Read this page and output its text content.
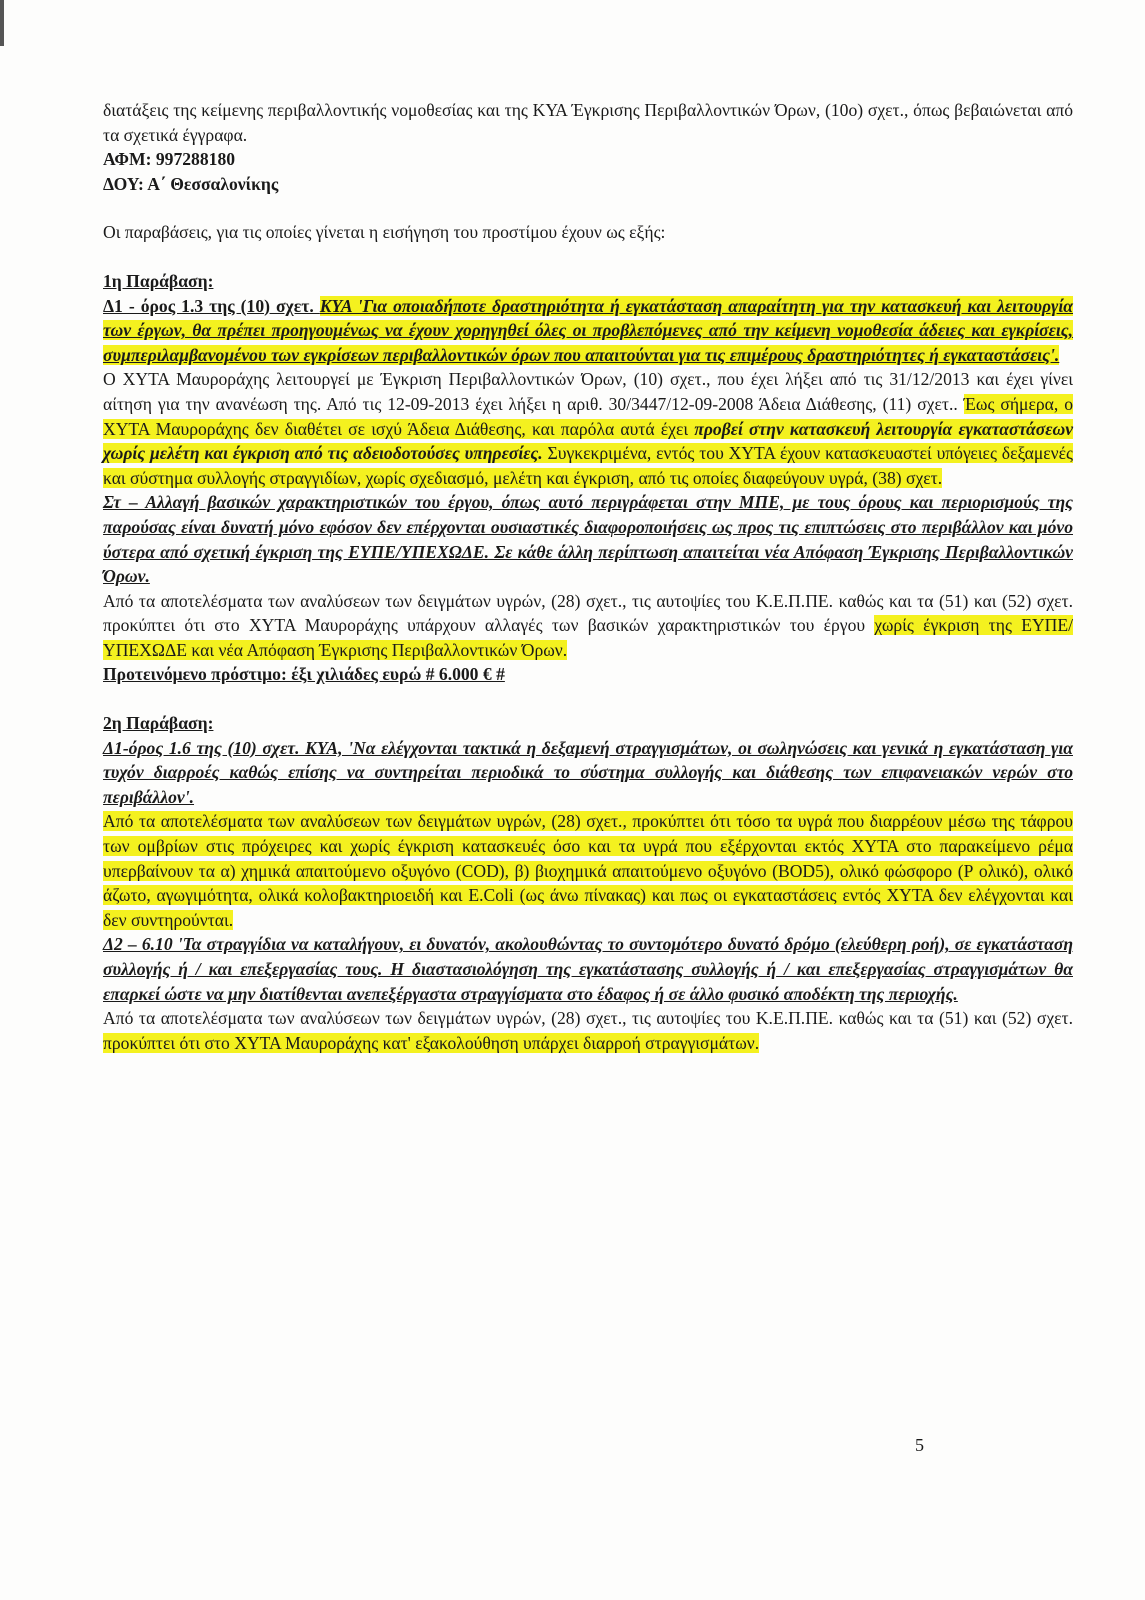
διατάξεις της κείμενης περιβαλλοντικής νομοθεσίας και της ΚΥΑ Έγκρισης Περιβαλλοντικών Όρων, (10ο) σχετ., όπως βεβαιώνεται από τα σχετικά έγγραφα.

ΑΦΜ: 997288180

ΔΟΥ: Α΄ Θεσσαλονίκης

Οι παραβάσεις, για τις οποίες γίνεται η εισήγηση του προστίμου έχουν ως εξής:

1η Παράβαση:

Δ1 - όρος 1.3 της (10) σχετ. ΚΥΑ 'Για οποιαδήποτε δραστηριότητα ή εγκατάσταση απαραίτητη για την κατασκευή και λειτουργία των έργων, θα πρέπει προηγουμένως να έχουν χορηγηθεί όλες οι προβλεπόμενες από την κείμενη νομοθεσία άδειες και εγκρίσεις, συμπεριλαμβανομένου των εγκρίσεων περιβαλλοντικών όρων που απαιτούνται για τις επιμέρους δραστηριότητες ή εγκαταστάσεις'.

Ο ΧΥΤΑ Μαυροράχης λειτουργεί με Έγκριση Περιβαλλοντικών Όρων, (10) σχετ., που έχει λήξει από τις 31/12/2013 και έχει γίνει αίτηση για την ανανέωση της. Από τις 12-09-2013 έχει λήξει η αριθ. 30/3447/12-09-2008 Άδεια Διάθεσης, (11) σχετ.. Έως σήμερα, ο ΧΥΤΑ Μαυροράχης δεν διαθέτει σε ισχύ Άδεια Διάθεσης, και παρόλα αυτά έχει προβεί στην κατασκευή λειτουργία εγκαταστάσεων χωρίς μελέτη και έγκριση από τις αδειοδοτούσες υπηρεσίες. Συγκεκριμένα, εντός του ΧΥΤΑ έχουν κατασκευαστεί υπόγειες δεξαμενές και σύστημα συλλογής στραγγιδίων, χωρίς σχεδιασμό, μελέτη και έγκριση, από τις οποίες διαφεύγουν υγρά, (38) σχετ.

Στ – Αλλαγή βασικών χαρακτηριστικών του έργου, όπως αυτό περιγράφεται στην ΜΠΕ, με τους όρους και περιορισμούς της παρούσας είναι δυνατή μόνο εφόσον δεν επέρχονται ουσιαστικές διαφοροποιήσεις ως προς τις επιπτώσεις στο περιβάλλον και μόνο ύστερα από σχετική έγκριση της ΕΥΠΕ/ΥΠΕΧΩΔΕ. Σε κάθε άλλη περίπτωση απαιτείται νέα Απόφαση Έγκρισης Περιβαλλοντικών Όρων.

Από τα αποτελέσματα των αναλύσεων των δειγμάτων υγρών, (28) σχετ., τις αυτοψίες του Κ.Ε.Π.ΠΕ. καθώς και τα (51) και (52) σχετ. προκύπτει ότι στο ΧΥΤΑ Μαυροράχης υπάρχουν αλλαγές των βασικών χαρακτηριστικών του έργου χωρίς έγκριση της ΕΥΠΕ/ΥΠΕΧΩΔΕ και νέα Απόφαση Έγκρισης Περιβαλλοντικών Όρων.

Προτεινόμενο πρόστιμο: έξι χιλιάδες ευρώ # 6.000 € #

2η Παράβαση:

Δ1-όρος 1.6 της (10) σχετ. ΚΥΑ, 'Να ελέγχονται τακτικά η δεξαμενή στραγγισμάτων, οι σωληνώσεις και γενικά η εγκατάσταση για τυχόν διαρροές καθώς επίσης να συντηρείται περιοδικά το σύστημα συλλογής και διάθεσης των επιφανειακών νερών στο περιβάλλον'.

Από τα αποτελέσματα των αναλύσεων των δειγμάτων υγρών, (28) σχετ., προκύπτει ότι τόσο τα υγρά που διαρρέουν μέσω της τάφρου των ομβρίων στις πρόχειρες και χωρίς έγκριση κατασκευές όσο και τα υγρά που εξέρχονται εκτός ΧΥΤΑ στο παρακείμενο ρέμα υπερβαίνουν τα α) χημικά απαιτούμενο οξυγόνο (COD), β) βιοχημικά απαιτούμενο οξυγόνο (BOD5), ολικό φώσφορο (Ρ ολικό), ολικό άζωτο, αγωγιμότητα, ολικά κολοβακτηριοειδή και E.Coli (ως άνω πίνακας) και πως οι εγκαταστάσεις εντός ΧΥΤΑ δεν ελέγχονται και δεν συντηρούνται.

Δ2 – 6.10 'Τα στραγγίδια να καταλήγουν, ει δυνατόν, ακολουθώντας το συντομότερο δυνατό δρόμο (ελεύθερη ροή), σε εγκατάσταση συλλογής ή / και επεξεργασίας τους. Η διαστασιολόγηση της εγκατάστασης συλλογής ή / και επεξεργασίας στραγγισμάτων θα επαρκεί ώστε να μην διατίθενται ανεπεξέργαστα στραγγίσματα στο έδαφος ή σε άλλο φυσικό αποδέκτη της περιοχής.

Από τα αποτελέσματα των αναλύσεων των δειγμάτων υγρών, (28) σχετ., τις αυτοψίες του Κ.Ε.Π.ΠΕ. καθώς και τα (51) και (52) σχετ. προκύπτει ότι στο ΧΥΤΑ Μαυροράχης κατ' εξακολούθηση υπάρχει διαρροή στραγγισμάτων.

5
